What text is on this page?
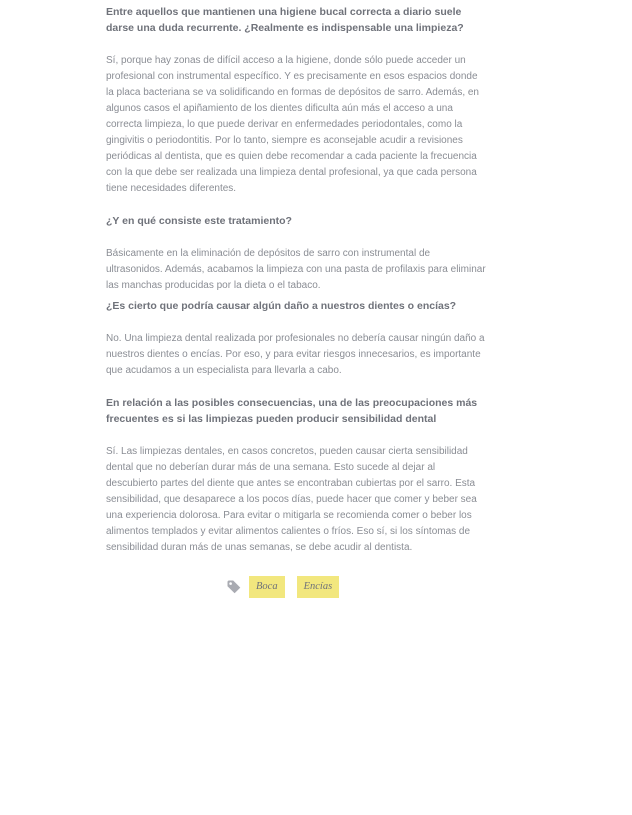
Entre aquellos que mantienen una higiene bucal correcta a diario suele darse una duda recurrente. ¿Realmente es indispensable una limpieza?

Sí, porque hay zonas de difícil acceso a la higiene, donde sólo puede acceder un profesional con instrumental específico. Y es precisamente en esos espacios donde la placa bacteriana se va solidificando en formas de depósitos de sarro. Además, en algunos casos el apiñamiento de los dientes dificulta aún más el acceso a una correcta limpieza, lo que puede derivar en enfermedades periodontales, como la gingivitis o periodontitis. Por lo tanto, siempre es aconsejable acudir a revisiones periódicas al dentista, que es quien debe recomendar a cada paciente la frecuencia con la que debe ser realizada una limpieza dental profesional, ya que cada persona tiene necesidades diferentes.

¿Y en qué consiste este tratamiento?

Básicamente en la eliminación de depósitos de sarro con instrumental de ultrasonidos. Además, acabamos la limpieza con una pasta de profilaxis para eliminar las manchas producidas por la dieta o el tabaco.

¿Es cierto que podría causar algún daño a nuestros dientes o encías?

No. Una limpieza dental realizada por profesionales no debería causar ningún daño a nuestros dientes o encías. Por eso, y para evitar riesgos innecesarios, es importante que acudamos a un especialista para llevarla a cabo.

En relación a las posibles consecuencias, una de las preocupaciones más frecuentes es si las limpiezas pueden producir sensibilidad dental

Sí. Las limpiezas dentales, en casos concretos, pueden causar cierta sensibilidad dental que no deberían durar más de una semana. Esto sucede al dejar al descubierto partes del diente que antes se encontraban cubiertas por el sarro. Esta sensibilidad, que desaparece a los pocos días, puede hacer que comer y beber sea una experiencia dolorosa. Para evitar o mitigarla se recomienda comer o beber los alimentos templados y evitar alimentos calientes o fríos. Eso sí, si los síntomas de sensibilidad duran más de unas semanas, se debe acudir al dentista.

Boca	Encías
